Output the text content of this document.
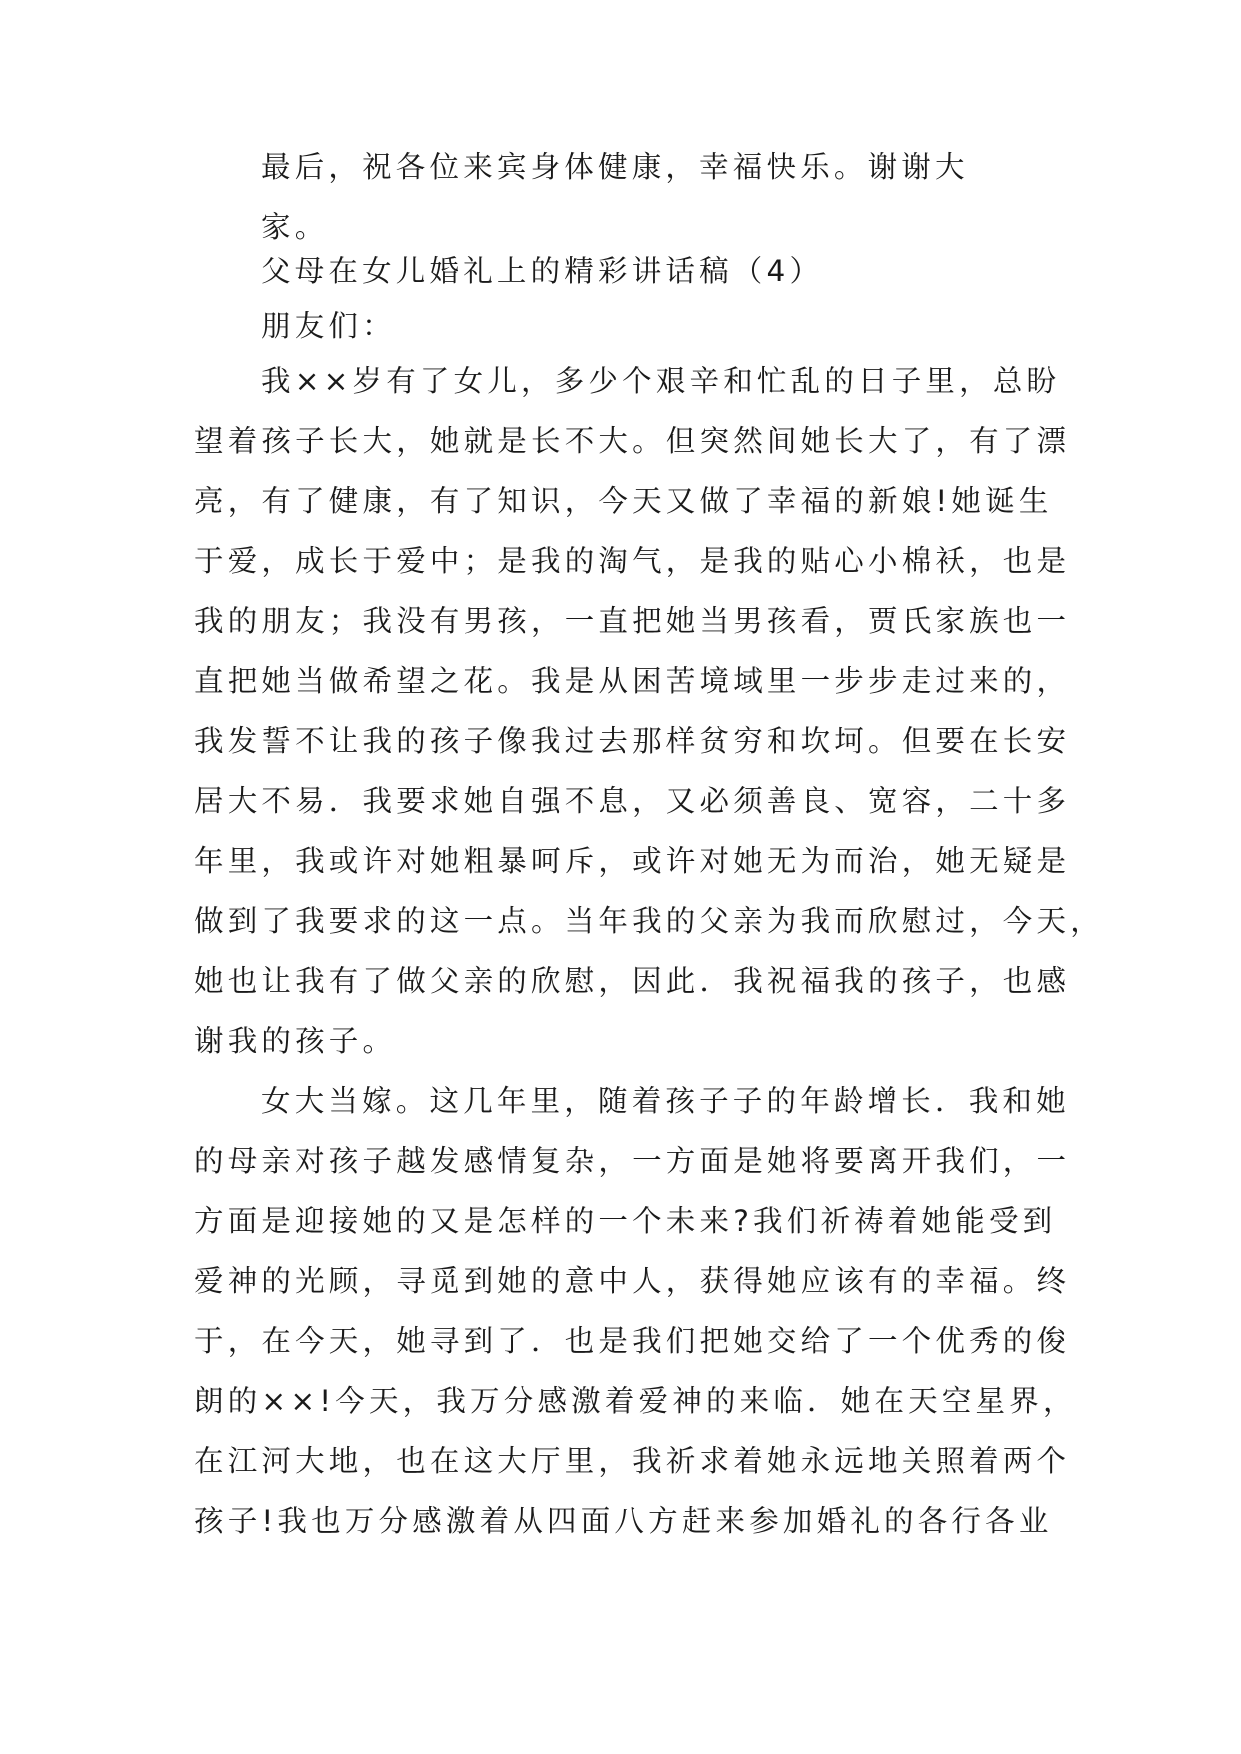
最后，祝各位来宾身体健康，幸福快乐。谢谢大
家。
父母在女儿婚礼上的精彩讲话稿（4）
朋友们：
我××岁有了女儿，多少个艰辛和忙乱的日子里，总盼
望着孩子长大，她就是长不大。但突然间她长大了，有了漂
亮，有了健康，有了知识，今天又做了幸福的新娘!她诞生
于爱，成长于爱中；是我的淘气，是我的贴心小棉袄，也是
我的朋友；我没有男孩，一直把她当男孩看，贾氏家族也一
直把她当做希望之花。我是从困苦境域里一步步走过来的，
我发誓不让我的孩子像我过去那样贫穷和坎坷。但要在长安
居大不易．我要求她自强不息，又必须善良、宽容，二十多
年里，我或许对她粗暴呵斥，或许对她无为而治，她无疑是
做到了我要求的这一点。当年我的父亲为我而欣慰过，今天，
她也让我有了做父亲的欣慰，因此．我祝福我的孩子，也感
谢我的孩子。
女大当嫁。这几年里，随着孩子子的年龄增长．我和她
的母亲对孩子越发感情复杂，一方面是她将要离开我们，一
方面是迎接她的又是怎样的一个未来?我们祈祷着她能受到
爱神的光顾，寻觅到她的意中人，获得她应该有的幸福。终
于，在今天，她寻到了．也是我们把她交给了一个优秀的俊
朗的××!今天，我万分感激着爱神的来临．她在天空星界，
在江河大地，也在这大厅里，我祈求着她永远地关照着两个
孩子!我也万分感激着从四面八方赶来参加婚礼的各行各业
